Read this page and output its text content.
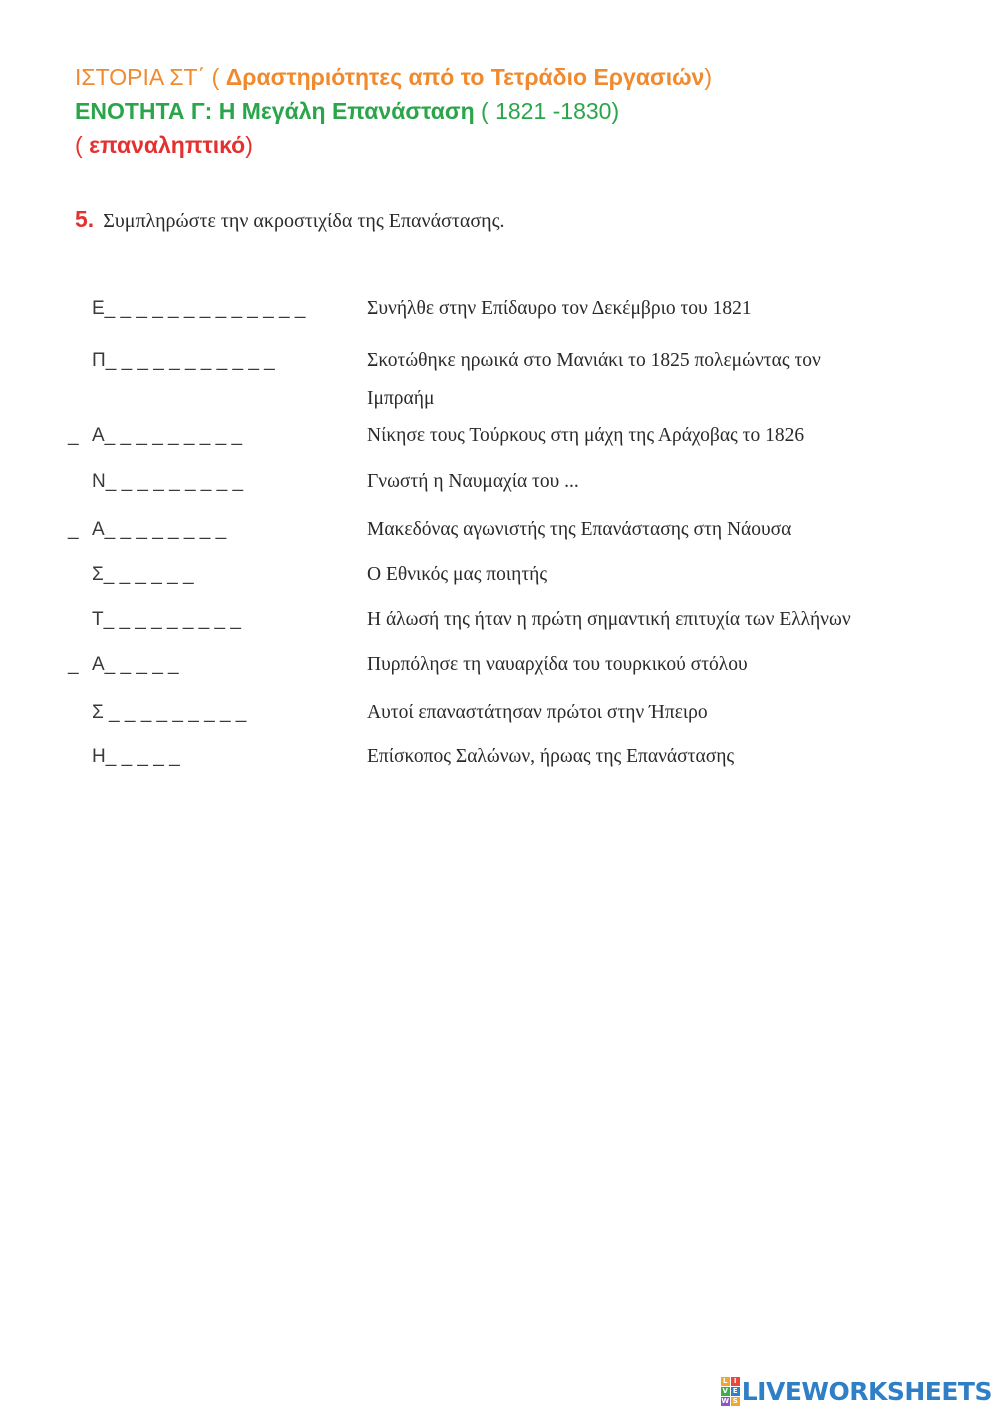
ΙΣΤΟΡΙΑ ΣΤ΄ ( Δραστηριότητες από το Τετράδιο Εργασιών)
ΕΝΟΤΗΤΑ Γ: Η Μεγάλη Επανάσταση ( 1821 -1830)
( επαναληπτικό)
5. Συμπληρώστε την ακροστιχίδα της Επανάστασης.
Ε_ _ _ _ _ _ _ _ _ _ _ _ _	Συνήλθε στην Επίδαυρο τον Δεκέμβριο του 1821
Π_ _ _ _ _ _ _ _ _ _ _	Σκοτώθηκε ηρωικά στο Μανιάκι το 1825 πολεμώντας τον Ιμπραήμ
_ Α_ _ _ _ _ _ _ _ _	Νίκησε τους Τούρκους στη μάχη της Αράχοβας το 1826
Ν_ _ _ _ _ _ _ _ _	Γνωστή η Ναυμαχία του ...
_ Α_ _ _ _ _ _ _ _	Μακεδόνας αγωνιστής της Επανάστασης στη Νάουσα
Σ_ _ _ _ _ _	Ο Εθνικός μας ποιητής
Τ_ _ _ _ _ _ _ _ _	Η άλωσή της ήταν η πρώτη σημαντική επιτυχία των Ελλήνων
_ Α_ _ _ _ _	Πυρπόλησε τη ναυαρχίδα του τουρκικού στόλου
Σ _ _ _ _ _ _ _ _ _	Αυτοί επαναστάτησαν πρώτοι στην Ήπειρο
Η_ _ _ _ _	Επίσκοπος Σαλώνων, ήρωας της Επανάστασης
L I
V E
W S LIVEWORKSHEETS
